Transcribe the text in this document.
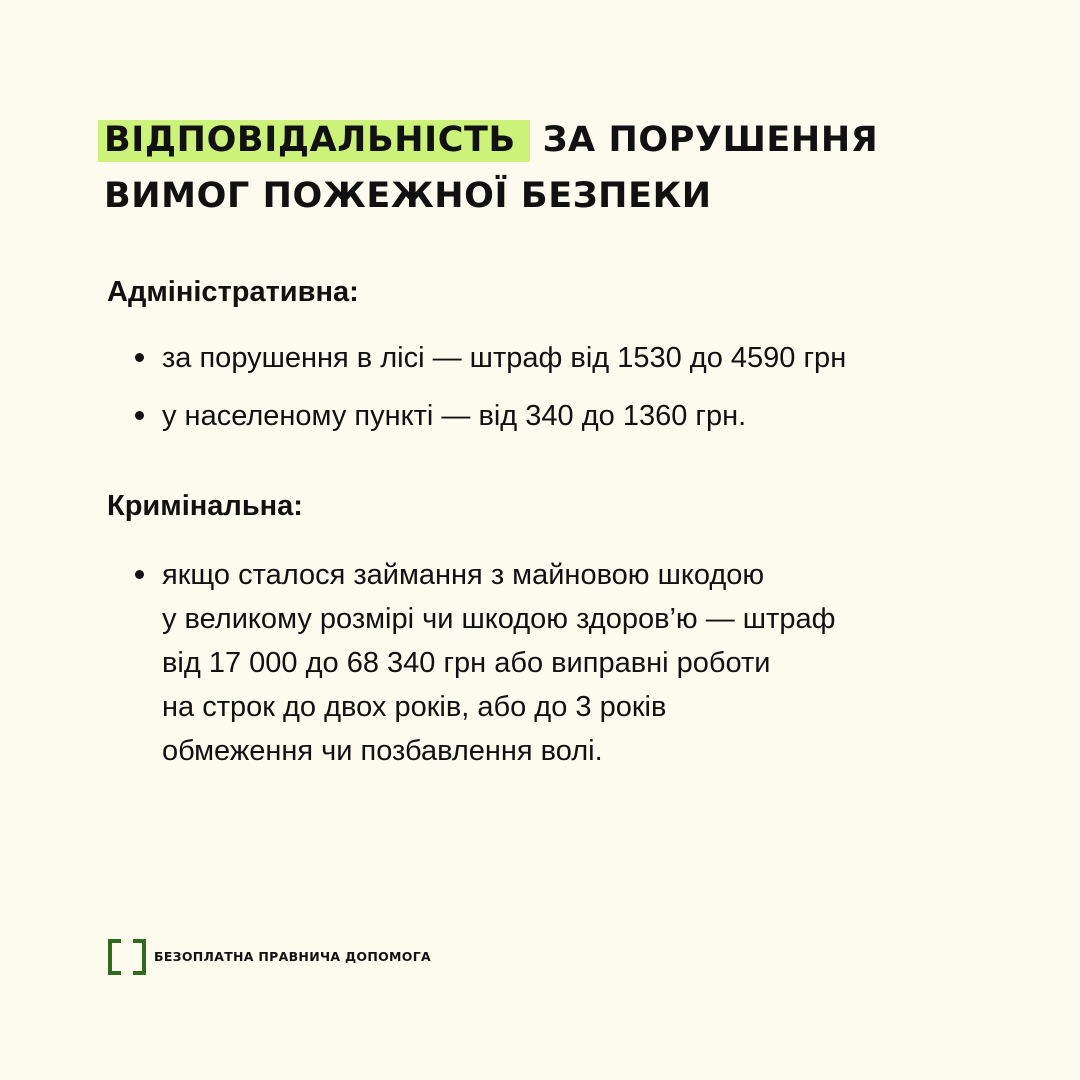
ВІДПОВІДАЛЬНІСТЬ ЗА ПОРУШЕННЯ
ВИМОГ ПОЖЕЖНОЇ БЕЗПЕКИ
Адміністративна:
за порушення в лісі — штраф від 1530 до 4590 грн
у населеному пункті — від 340 до 1360 грн.
Кримінальна:
якщо сталося займання з майновою шкодою
у великому розмірі чи шкодою здоров’ю — штраф
від 17 000 до 68 340 грн або виправні роботи
на строк до двох років, або до 3 років
обмеження чи позбавлення волі.
БЕЗОПЛАТНА ПРАВНИЧА ДОПОМОГА
